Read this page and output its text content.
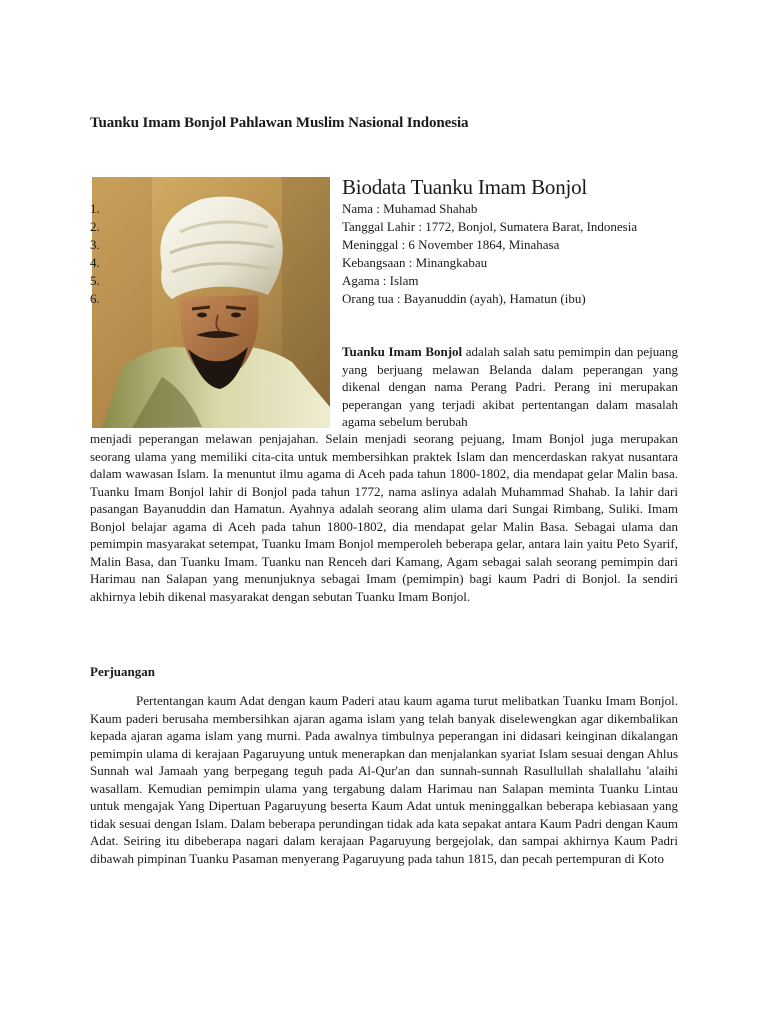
Tuanku Imam Bonjol Pahlawan Muslim Nasional Indonesia
Biodata Tuanku Imam Bonjol
1.	Nama : Muhamad Shahab
2.	Tanggal Lahir : 1772, Bonjol, Sumatera Barat, Indonesia
3.	Meninggal : 6 November 1864, Minahasa
4.	Kebangsaan : Minangkabau
5.	Agama : Islam
6.	Orang tua : Bayanuddin (ayah), Hamatun (ibu)
Tuanku Imam Bonjol adalah salah satu pemimpin dan pejuang yang berjuang melawan Belanda dalam peperangan yang dikenal dengan nama Perang Padri. Perang ini merupakan peperangan yang terjadi akibat pertentangan dalam masalah agama sebelum berubah
menjadi peperangan melawan penjajahan. Selain menjadi seorang pejuang, Imam Bonjol juga merupakan seorang ulama yang memiliki cita-cita untuk membersihkan praktek Islam dan mencerdaskan rakyat nusantara dalam wawasan Islam. Ia menuntut ilmu agama di Aceh pada tahun 1800-1802, dia mendapat gelar Malin basa. Tuanku Imam Bonjol lahir di Bonjol pada tahun 1772, nama aslinya adalah Muhammad Shahab. Ia lahir dari pasangan Bayanuddin dan Hamatun. Ayahnya adalah seorang alim ulama dari Sungai Rimbang, Suliki. Imam Bonjol belajar agama di Aceh pada tahun 1800-1802, dia mendapat gelar Malin Basa. Sebagai ulama dan pemimpin masyarakat setempat, Tuanku Imam Bonjol memperoleh beberapa gelar, antara lain yaitu Peto Syarif, Malin Basa, dan Tuanku Imam. Tuanku nan Renceh dari Kamang, Agam sebagai salah seorang pemimpin dari Harimau nan Salapan yang menunjuknya sebagai Imam (pemimpin) bagi kaum Padri di Bonjol. Ia sendiri akhirnya lebih dikenal masyarakat dengan sebutan Tuanku Imam Bonjol.
Perjuangan
Pertentangan kaum Adat dengan kaum Paderi atau kaum agama turut melibatkan Tuanku Imam Bonjol. Kaum paderi berusaha membersihkan ajaran agama islam yang telah banyak diselewengkan agar dikembalikan kepada ajaran agama islam yang murni. Pada awalnya timbulnya peperangan ini didasari keinginan dikalangan pemimpin ulama di kerajaan Pagaruyung untuk menerapkan dan menjalankan syariat Islam sesuai dengan Ahlus Sunnah wal Jamaah yang berpegang teguh pada Al-Qur'an dan sunnah-sunnah Rasullullah shalallahu 'alaihi wasallam. Kemudian pemimpin ulama yang tergabung dalam Harimau nan Salapan meminta Tuanku Lintau untuk mengajak Yang Dipertuan Pagaruyung beserta Kaum Adat untuk meninggalkan beberapa kebiasaan yang tidak sesuai dengan Islam. Dalam beberapa perundingan tidak ada kata sepakat antara Kaum Padri dengan Kaum Adat. Seiring itu dibeberapa nagari dalam kerajaan Pagaruyung bergejolak, dan sampai akhirnya Kaum Padri dibawah pimpinan Tuanku Pasaman menyerang Pagaruyung pada tahun 1815, dan pecah pertempuran di Koto
